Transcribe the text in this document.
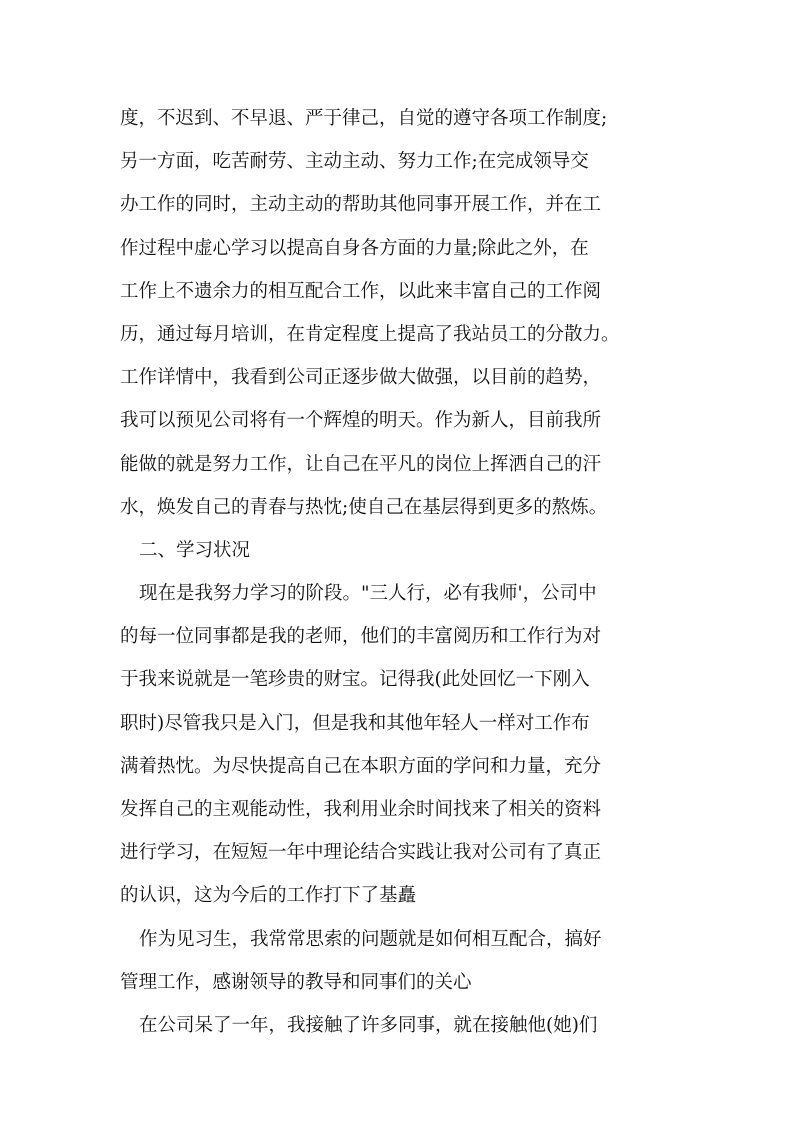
度，不迟到、不早退、严于律己，自觉的遵守各项工作制度;
另一方面，吃苦耐劳、主动主动、努力工作;在完成领导交
办工作的同时，主动主动的帮助其他同事开展工作，并在工
作过程中虚心学习以提高自身各方面的力量;除此之外，在
工作上不遗余力的相互配合工作，以此来丰富自己的工作阅
历，通过每月培训，在肯定程度上提高了我站员工的分散力。
工作详情中，我看到公司正逐步做大做强，以目前的趋势，
我可以预见公司将有一个辉煌的明天。作为新人，目前我所
能做的就是努力工作，让自己在平凡的岗位上挥洒自己的汗
水，焕发自己的青春与热忱;使自己在基层得到更多的熬炼。
二、学习状况
现在是我努力学习的阶段。"三人行，必有我师'，公司中
的每一位同事都是我的老师，他们的丰富阅历和工作行为对
于我来说就是一笔珍贵的财宝。记得我(此处回忆一下刚入
职时)尽管我只是入门，但是我和其他年轻人一样对工作布
满着热忱。为尽快提高自己在本职方面的学问和力量，充分
发挥自己的主观能动性，我利用业余时间找来了相关的资料
进行学习，在短短一年中理论结合实践让我对公司有了真正
的认识，这为今后的工作打下了基矗
作为见习生，我常常思索的问题就是如何相互配合，搞好
管理工作，感谢领导的教导和同事们的关心
在公司呆了一年，我接触了许多同事，就在接触他(她)们
